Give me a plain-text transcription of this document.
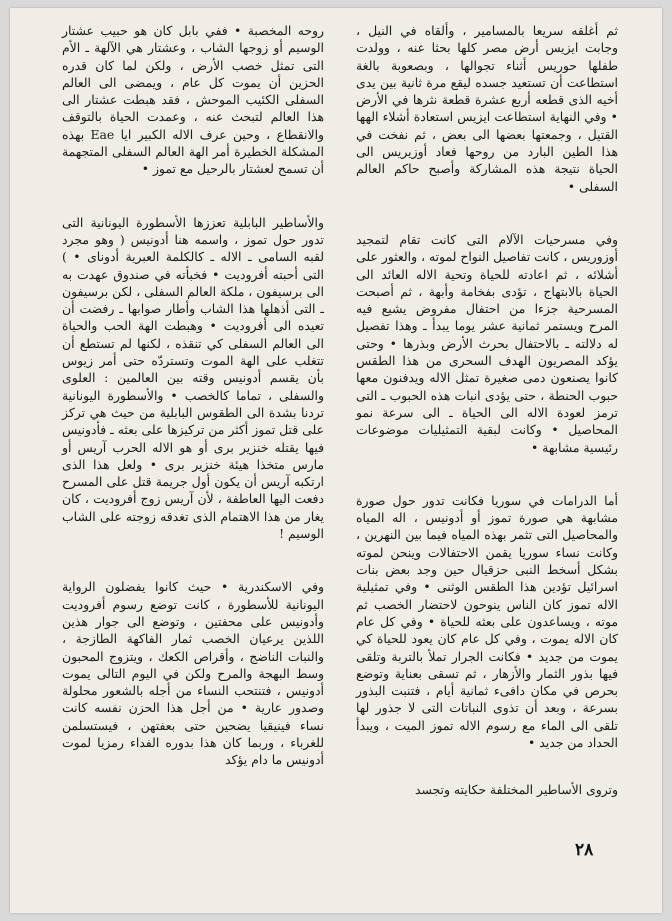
ثم أغلقه سريعا بالمسامير ، وألقاه في النيل ، وجابت ايزيس أرض مصر كلها بحثا عنه ، وولدت طفلها حوريس أثناء تجوالها ، وبصعوبة بالغة استطاعت أن تستعيد جسده لیقع مرة ثانية بين يدى أخيه الذى قطعه أربع عشرة قطعة نثرها في الأرض • وفي النهاية استطاعت ايزيس استعادة أشلاء الهها القتيل ، وجمعتها بعضها الى بعض ، ثم نفخت في هذا الطين البارد من روحها فعاد أوزيريس الى الحياة نتيجة هذه المشاركة وأصبح حاكم العالم السفلى •

وفي مسرحيات الآلام التى كانت تقام لتمجيد أوزوريس ، كانت تفاصيل النواح لموته ، والعثور على أشلائه ، ثم اعادته للحياة وتحية الاله العائد الى الحياة بالابتهاج ، تؤدى بفخامة وأبهة ، ثم أصبحت المسرحية جزءا من احتفال مفروض يشيع فيه المرح ويستمر ثمانية عشر يوما يبدأ ـ وهذا تفصيل له دلالته ـ بالاحتفال بحرث الأرض وبذرها • وحتى يؤكد المصريون الهدف السحرى من هذا الطقس كانوا يصنعون دمى صغيرة تمثل الاله ويدفنون معها حبوب الحنطة ، حتى يؤدى انبات هذه الحبوب ـ التى ترمز لعودة الاله الى الحياة ـ الى سرعة نمو المحاصيل • وكانت لبقية التمثيليات موضوعات رئيسية مشابهة •

أما الدرامات في سوريا فكانت تدور حول صورة مشابهة هي صورة تموز أو أدونيس ، اله المياه والمحاصيل التى تثمر بهذه المياه فيما بين النهرين ، وكانت نساء سوريا يقمن الاحتفالات وينحن لموته بشكل أسخط النبى حزقيال حين وجد بعض بنات اسرائيل تؤدين هذا الطقس الوثنى • وفي تمثيلية الاله تموز كان الناس ينوحون لاحتضار الخصب ثم موته ، ويساعدون على بعثه للحياة • وفي كل عام كان الاله يموت ، وفي كل عام كان يعود للحياة كي يموت من جديد • فكانت الجرار تملأ بالتربة وتلقى فيها بذور الثمار والأزهار ، ثم تسقى بعناية وتوضع بحرص في مكان دافىء ثمانية أيام ، فتنبت البذور بسرعة ، وبعد أن تذوى النباتات التى لا جذور لها تلقى الى الماء مع رسوم الاله تموز الميت ، ويبدأ الحداد من جديد •

وتروى الأساطير المختلفة حكايته وتجسد

روحه المخصبة • ففي بابل كان هو حبيب عشتار الوسيم أو زوجها الشاب ، وعشتار هي الآلهة ـ الأم التى تمثل خصب الأرض ، ولكن لما كان قدره الحزين أن يموت كل عام ، ويمضى الى العالم السفلى الكئيب الموحش ، فقد هبطت عشتار الى هذا العالم لتبحث عنه ، وعمدت الحياة بالتوقف والانقطاع ، وحين عرف الاله الكبير ايا Eae بهذه المشكلة الخطيرة أمر الهة العالم السفلى المتجهمة أن تسمح لعشتار بالرحيل مع تموز •

والأساطير البابلية تعززها الأسطورة اليونانية التى تدور حول تموز ، واسمه هنا أدونيس ( وهو مجرد لقبه السامى ـ الاله ـ كالكلمة العبرية أدوناى • ) التى أحبته أفروديت • فخبأته في صندوق عهدت به الى برسيفون ، ملكة العالم السفلى ، لكن برسيفون ـ التى أذهلها هذا الشاب وأطار صوابها ـ رفضت أن تعيده الى أفروديت • وهبطت الهة الحب والحياة الى العالم السفلى كي تنقذه ، لكنها لم تستطع أن تتغلب على الهة الموت وتستردّه حتى أمر زيوس بأن يقسم أدونيس وقته بين العالمين : العلوى والسفلى ، تماما كالخصب • والأسطورة اليونانية تردنا بشدة الى الطقوس البابلية من حيث هي تركز على قتل تموز أكثر من تركيزها على بعثه ـ فأدونيس فيها يقتله خنزير برى أو هو الاله الحرب آريس أو مارس متخذا هيئة خنزير برى • ولعل هذا الذى ارتكبه آريس أن يكون أول جريمة قتل على المسرح دفعت اليها العاطفة ، لأن آريس زوج أفروديت ، كان يغار من هذا الاهتمام الذى تغدقه زوجته على الشاب الوسيم !

وفي الاسكندرية • حيث كانوا يفضلون الرواية اليونانية للأسطورة ، كانت توضع رسوم أفروديت وأدونيس على محفتين ، وتوضع الى جوار هذين اللذين يرعيان الخصب ثمار الفاكهة الطازجة ، والنبات الناضج ، وأقراص الكعك ، ويتزوج المحبون وسط البهجة والمرح ولكن في اليوم التالى يموت أدونيس ، فتنتحب النساء من أجله بالشعور محلولة وصدور عارية • من أجل هذا الحزن نفسه كانت نساء فينيقيا يضحين حتى بعفتهن ، فيستسلمن للغرباء ، وربما كان هذا بدوره الفداء رمزيا لموت أدونيس ما دام يؤكد

٢٨
